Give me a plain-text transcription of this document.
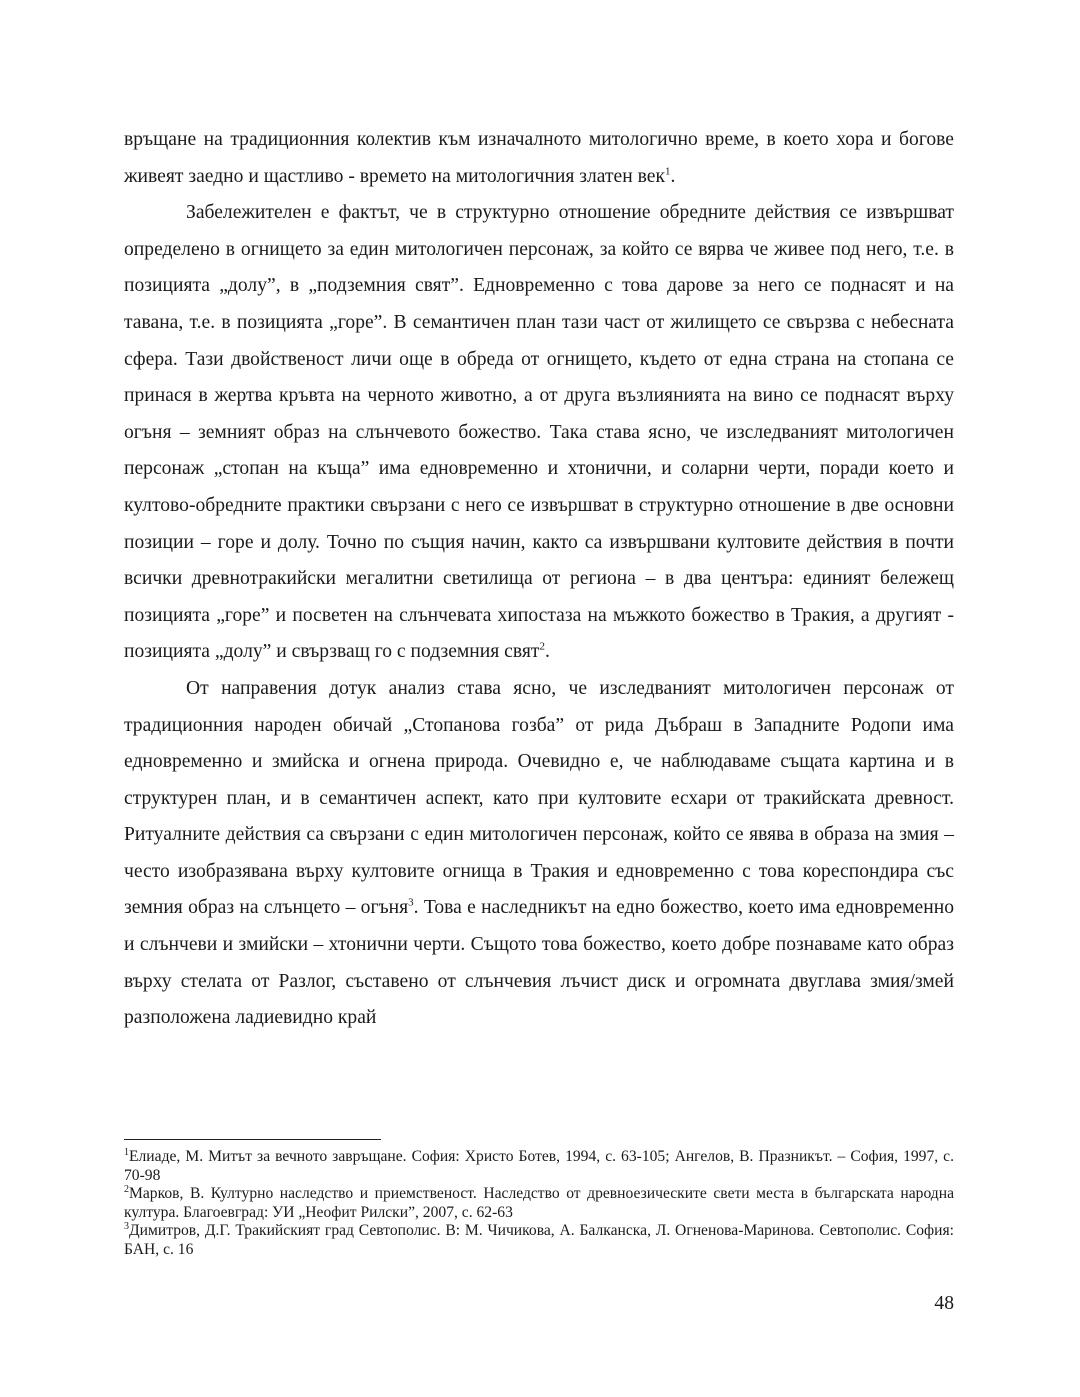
връщане на традиционния колектив към изначалното митологично време, в което хора и богове живеят заедно и щастливо - времето на митологичния златен век$^1$.

Забележителен е фактът, че в структурно отношение обредните действия се извършват определено в огнището за един митологичен персонаж, за който се вярва че живее под него, т.е. в позицията „долу”, в „подземния свят”. Едновременно с това дарове за него се поднасят и на тавана, т.е. в позицията „горе”. В семантичен план тази част от жилището се свързва с небесната сфера. Тази двойственост личи още в обреда от огнището, където от една страна на стопана се принася в жертва кръвта на черното животно, а от друга възлиянията на вино се поднасят върху огъня – земният образ на слънчевото божество. Така става ясно, че изследваният митологичен персонаж „стопан на къща” има едновременно и хтонични, и соларни черти, поради което и култово-обредните практики свързани с него се извършват в структурно отношение в две основни позиции – горе и долу. Точно по същия начин, както са извършвани култовите действия в почти всички древнотракийски мегалитни светилища от региона – в два центъра: единият бележещ позицията „горе” и посветен на слънчевата хипостаза на мъжкото божество в Тракия, а другият - позицията „долу” и свързващ го с подземния свят$^2$.

От направения дотук анализ става ясно, че изследваният митологичен персонаж от традиционния народен обичай „Стопанова гозба” от рида Дъбраш в Западните Родопи има едновременно и змийска и огнена природа. Очевидно е, че наблюдаваме същата картина и в структурен план, и в семантичен аспект, като при култовите есхари от тракийската древност. Ритуалните действия са свързани с един митологичен персонаж, който се явява в образа на змия – често изобразявана върху култовите огнища в Тракия и едновременно с това кореспондира със земния образ на слънцето – огъня$^3$. Това е наследникът на едно божество, което има едновременно и слънчеви и змийски – хтонични черти. Същото това божество, което добре познаваме като образ върху стелата от Разлог, съставено от слънчевия лъчист диск и огромната двуглава змия/змей разположена ладиевидно край

$^1$Елиаде, М. Митът за вечното завръщане. София: Христо Ботев, 1994, с. 63-105; Ангелов, В. Празникът. – София, 1997, с. 70-98

$^2$Марков, В. Културно наследство и приемственост. Наследство от древноезическите свети места в българската народна култура. Благоевград: УИ „Неофит Рилски”, 2007, с. 62-63

$^3$Димитров, Д.Г. Тракийският град Севтополис. В: М. Чичикова, А. Балканска, Л. Огненова-Маринова. Севтополис. София: БАН, с. 16

48
